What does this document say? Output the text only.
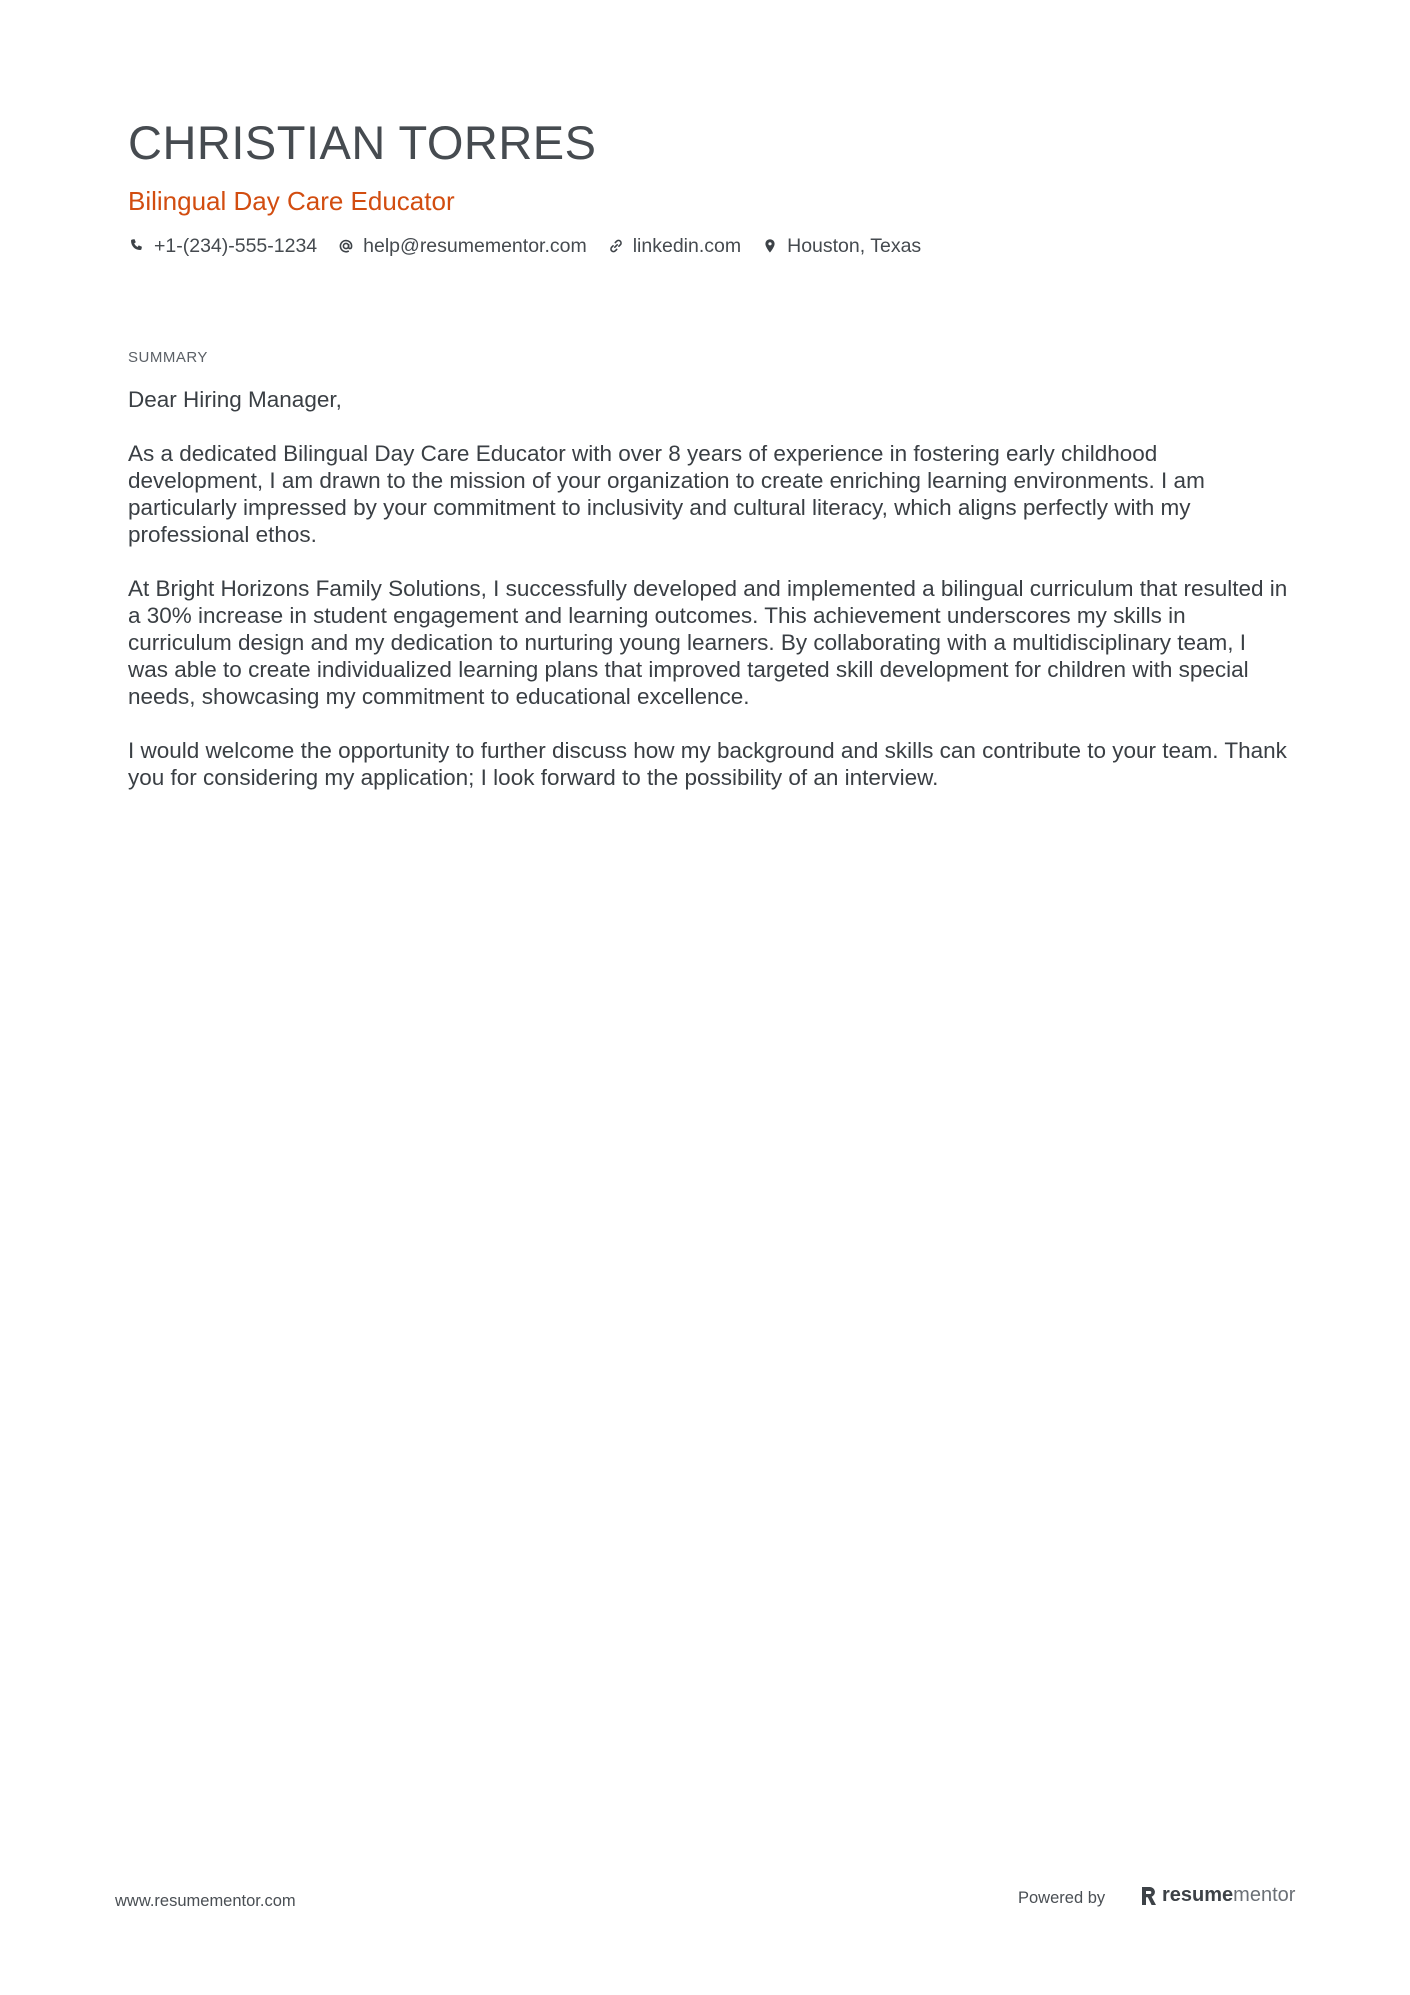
CHRISTIAN TORRES
Bilingual Day Care Educator
+1-(234)-555-1234 help@resumementor.com linkedin.com Houston, Texas
SUMMARY

Dear Hiring Manager,

As a dedicated Bilingual Day Care Educator with over 8 years of experience in fostering early childhood development, I am drawn to the mission of your organization to create enriching learning environments. I am particularly impressed by your commitment to inclusivity and cultural literacy, which aligns perfectly with my professional ethos.

At Bright Horizons Family Solutions, I successfully developed and implemented a bilingual curriculum that resulted in a 30% increase in student engagement and learning outcomes. This achievement underscores my skills in curriculum design and my dedication to nurturing young learners. By collaborating with a multidisciplinary team, I was able to create individualized learning plans that improved targeted skill development for children with special needs, showcasing my commitment to educational excellence.

I would welcome the opportunity to further discuss how my background and skills can contribute to your team. Thank you for considering my application; I look forward to the possibility of an interview.

www.resumementor.com	Powered by	resume mentor
